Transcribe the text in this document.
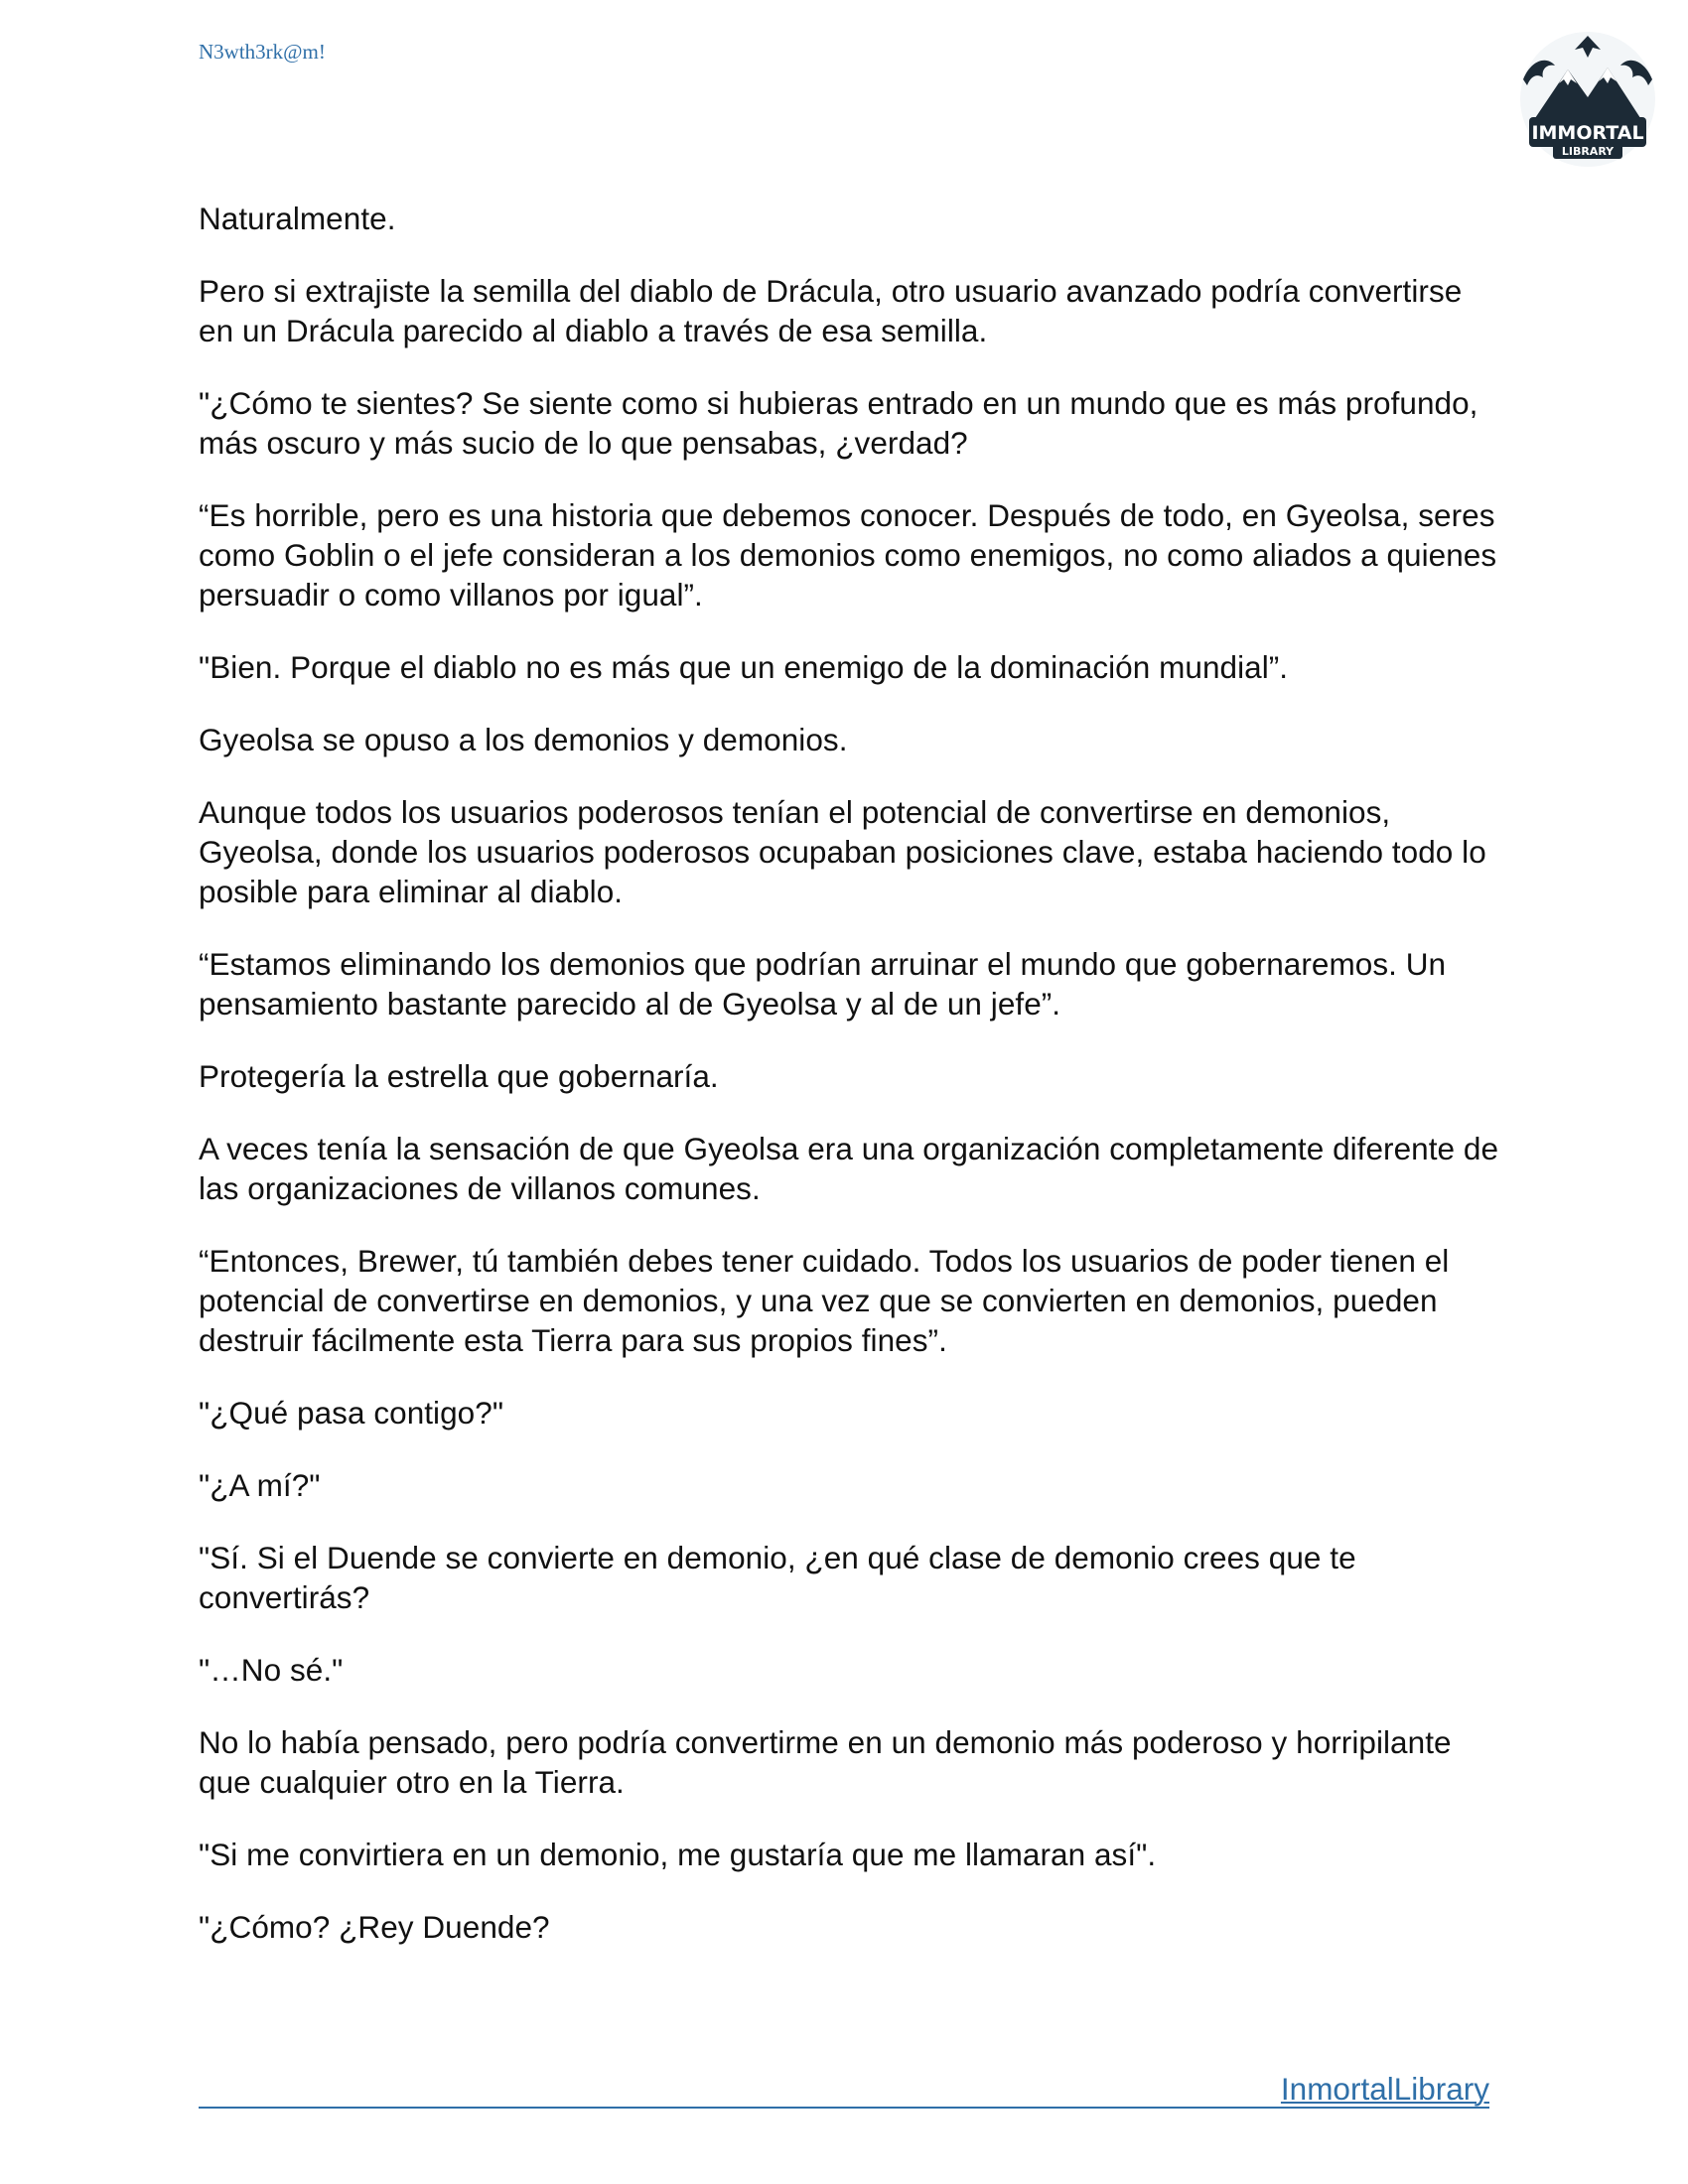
N3wth3rk@m!
IMMORTAL
LIBRARY

Naturalmente.

Pero si extrajiste la semilla del diablo de Drácula, otro usuario avanzado podría convertirse en un Drácula parecido al diablo a través de esa semilla.

"¿Cómo te sientes? Se siente como si hubieras entrado en un mundo que es más profundo, más oscuro y más sucio de lo que pensabas, ¿verdad?

“Es horrible, pero es una historia que debemos conocer. Después de todo, en Gyeolsa, seres como Goblin o el jefe consideran a los demonios como enemigos, no como aliados a quienes persuadir o como villanos por igual”.

"Bien. Porque el diablo no es más que un enemigo de la dominación mundial”.

Gyeolsa se opuso a los demonios y demonios.

Aunque todos los usuarios poderosos tenían el potencial de convertirse en demonios, Gyeolsa, donde los usuarios poderosos ocupaban posiciones clave, estaba haciendo todo lo posible para eliminar al diablo.

“Estamos eliminando los demonios que podrían arruinar el mundo que gobernaremos. Un pensamiento bastante parecido al de Gyeolsa y al de un jefe”.

Protegería la estrella que gobernaría.

A veces tenía la sensación de que Gyeolsa era una organización completamente diferente de las organizaciones de villanos comunes.

“Entonces, Brewer, tú también debes tener cuidado. Todos los usuarios de poder tienen el potencial de convertirse en demonios, y una vez que se convierten en demonios, pueden destruir fácilmente esta Tierra para sus propios fines”.

"¿Qué pasa contigo?"

"¿A mí?"

"Sí. Si el Duende se convierte en demonio, ¿en qué clase de demonio crees que te convertirás?

"…No sé."

No lo había pensado, pero podría convertirme en un demonio más poderoso y horripilante que cualquier otro en la Tierra.

"Si me convirtiera en un demonio, me gustaría que me llamaran así".

"¿Cómo? ¿Rey Duende?

InmortalLibrary
